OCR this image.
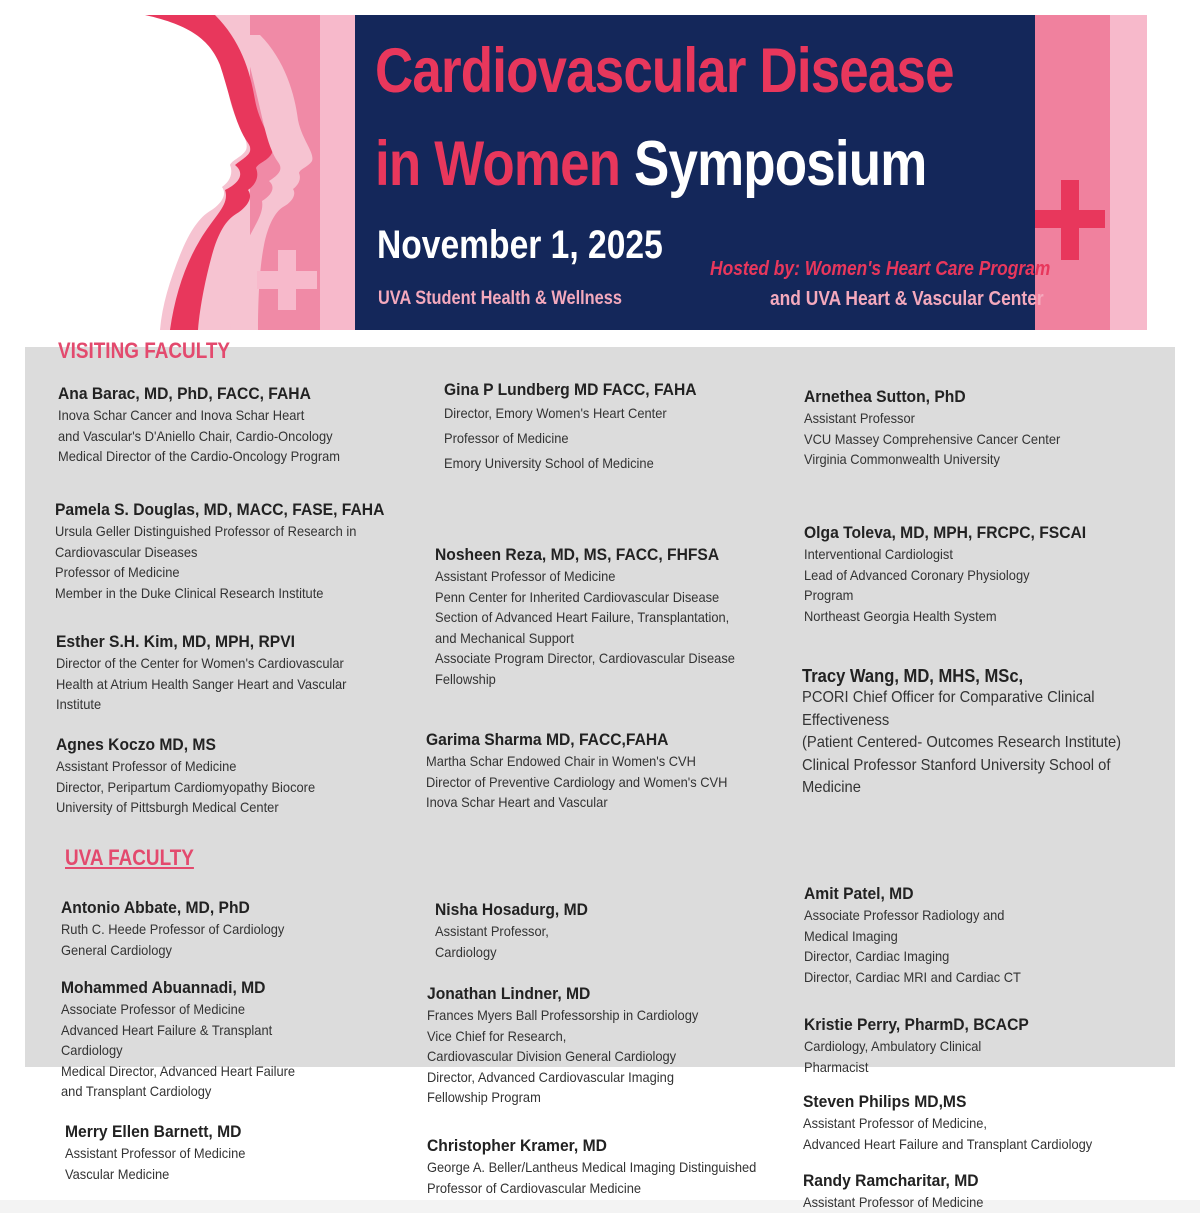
Cardiovascular Disease
in Women Symposium
November 1, 2025
UVA Student Health & Wellness
Hosted by: Women's Heart Care Program
and UVA Heart & Vascular Center
VISITING FACULTY
Ana Barac, MD, PhD, FACC, FAHA
Inova Schar Cancer and Inova Schar Heart
and Vascular's D'Aniello Chair, Cardio-Oncology
Medical Director of the Cardio-Oncology Program
Pamela S. Douglas, MD, MACC, FASE, FAHA
Ursula Geller Distinguished Professor of Research in
Cardiovascular Diseases
Professor of Medicine
Member in the Duke Clinical Research Institute
Esther S.H. Kim, MD, MPH, RPVI
Director of the Center for Women's Cardiovascular
Health at Atrium Health Sanger Heart and Vascular
Institute
Agnes Koczo MD, MS
Assistant Professor of Medicine
Director, Peripartum Cardiomyopathy Biocore
University of Pittsburgh Medical Center
Gina P Lundberg MD FACC, FAHA
Director, Emory Women's Heart Center
Professor of Medicine
Emory University School of Medicine
Nosheen Reza, MD, MS, FACC, FHFSA
Assistant Professor of Medicine
Penn Center for Inherited Cardiovascular Disease
Section of Advanced Heart Failure, Transplantation,
and Mechanical Support
Associate Program Director, Cardiovascular Disease
Fellowship
Garima Sharma MD, FACC,FAHA
Martha Schar Endowed Chair in Women's CVH
Director of Preventive Cardiology and Women's CVH
Inova Schar Heart and Vascular
Arnethea Sutton, PhD
Assistant Professor
VCU Massey Comprehensive Cancer Center
Virginia Commonwealth University
Olga Toleva, MD, MPH, FRCPC, FSCAI
Interventional Cardiologist
Lead of Advanced Coronary Physiology
Program
Northeast Georgia Health System
Tracy Wang, MD, MHS, MSc,
PCORI Chief Officer for Comparative Clinical
Effectiveness
(Patient Centered- Outcomes Research Institute)
Clinical Professor Stanford University School of
Medicine
UVA FACULTY
Antonio Abbate, MD, PhD
Ruth C. Heede Professor of Cardiology
General Cardiology
Mohammed Abuannadi, MD
Associate Professor of Medicine
Advanced Heart Failure & Transplant
Cardiology
Medical Director, Advanced Heart Failure
and Transplant Cardiology
Merry Ellen Barnett, MD
Assistant Professor of Medicine
Vascular Medicine
Nisha Hosadurg, MD
Assistant Professor,
Cardiology
Jonathan Lindner, MD
Frances Myers Ball Professorship in Cardiology
Vice Chief for Research,
Cardiovascular Division General Cardiology
Director, Advanced Cardiovascular Imaging
Fellowship Program
Christopher Kramer, MD
George A. Beller/Lantheus Medical Imaging Distinguished
Professor of Cardiovascular Medicine
Amit Patel, MD
Associate Professor Radiology and
Medical Imaging
Director, Cardiac Imaging
Director, Cardiac MRI and Cardiac CT
Kristie Perry, PharmD, BCACP
Cardiology, Ambulatory Clinical
Pharmacist
Steven Philips MD,MS
Assistant Professor of Medicine,
Advanced Heart Failure and Transplant Cardiology
Randy Ramcharitar, MD
Assistant Professor of Medicine
